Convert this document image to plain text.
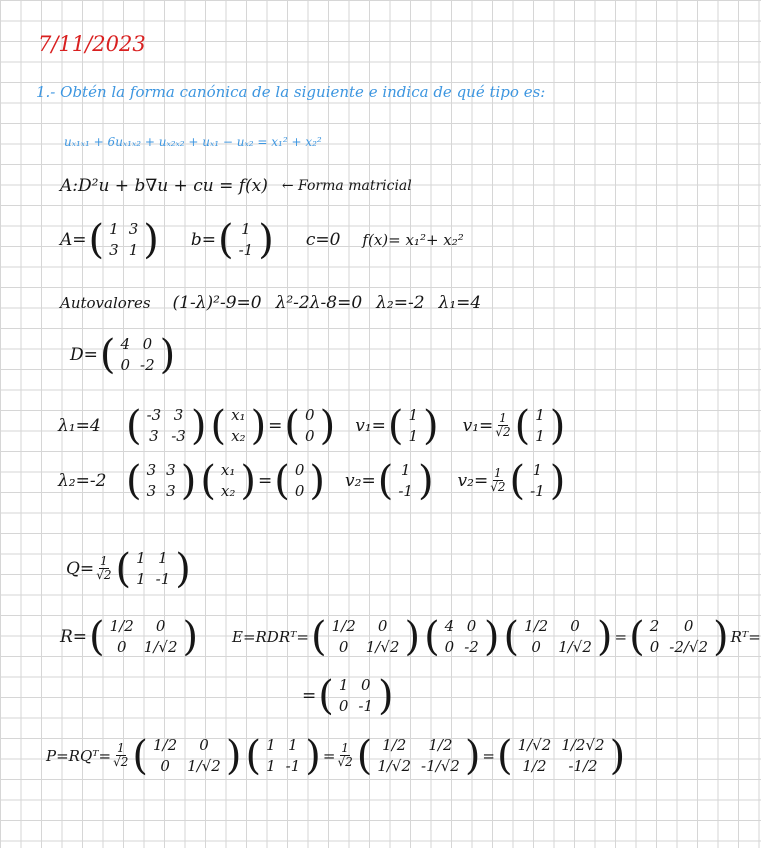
7/11/2023
1.- Obtén la forma canónica de la siguiente e indica de qué tipo es:
uₓ₁ₓ₁ + 6uₓ₁ₓ₂ + uₓ₂ₓ₂ + uₓ₁ − uₓ₂ = x₁² + x₂²
A:D²u + b∇u + cu = f(x) ← Forma matricial
A= ( 1	3
3	1 ) b= ( 1
-1 ) c=0 f(x)= x₁²+ x₂²
Autovalores (1-λ)²-9=0 λ²-2λ-8=0 λ₂=-2 λ₁=4
D= ( 4	0
0	-2 )
λ₁=4 ( -3	3
3	-3 ) ( x₁
x₂ ) = ( 0
0 ) v₁= ( 1
1 ) $v_1= \frac{1}{√2}$ ( 1
1 )
λ₂=-2 ( 3	3
3	3 ) ( x₁
x₂ ) = ( 0
0 ) v₂= ( 1
-1 ) $v_2= \frac{1}{√2}$ ( 1
-1 )
$Q= \frac{1}{√2}$ ( 1	1
1	-1 )
R= ( 1/2	0
0	1/√2 ) E=RDRᵀ= ( 1/2	0
0	1/√2 ) ( 4	0
0	-2 ) ( 1/2	0
0	1/√2 ) = ( 2	0
0	-2/√2 ) Rᵀ=
= ( 1	0
0	-1 )
P=RQᵀ= $\frac{1}{√2}$ ( 1/2	0
0	1/√2 ) ( 1	1
1	-1 ) = $\frac{1}{√2}$ ( 1/2	1/2
1/√2	-1/√2 ) = ( 1/√2	1/2√2
1/2	-1/2 )
